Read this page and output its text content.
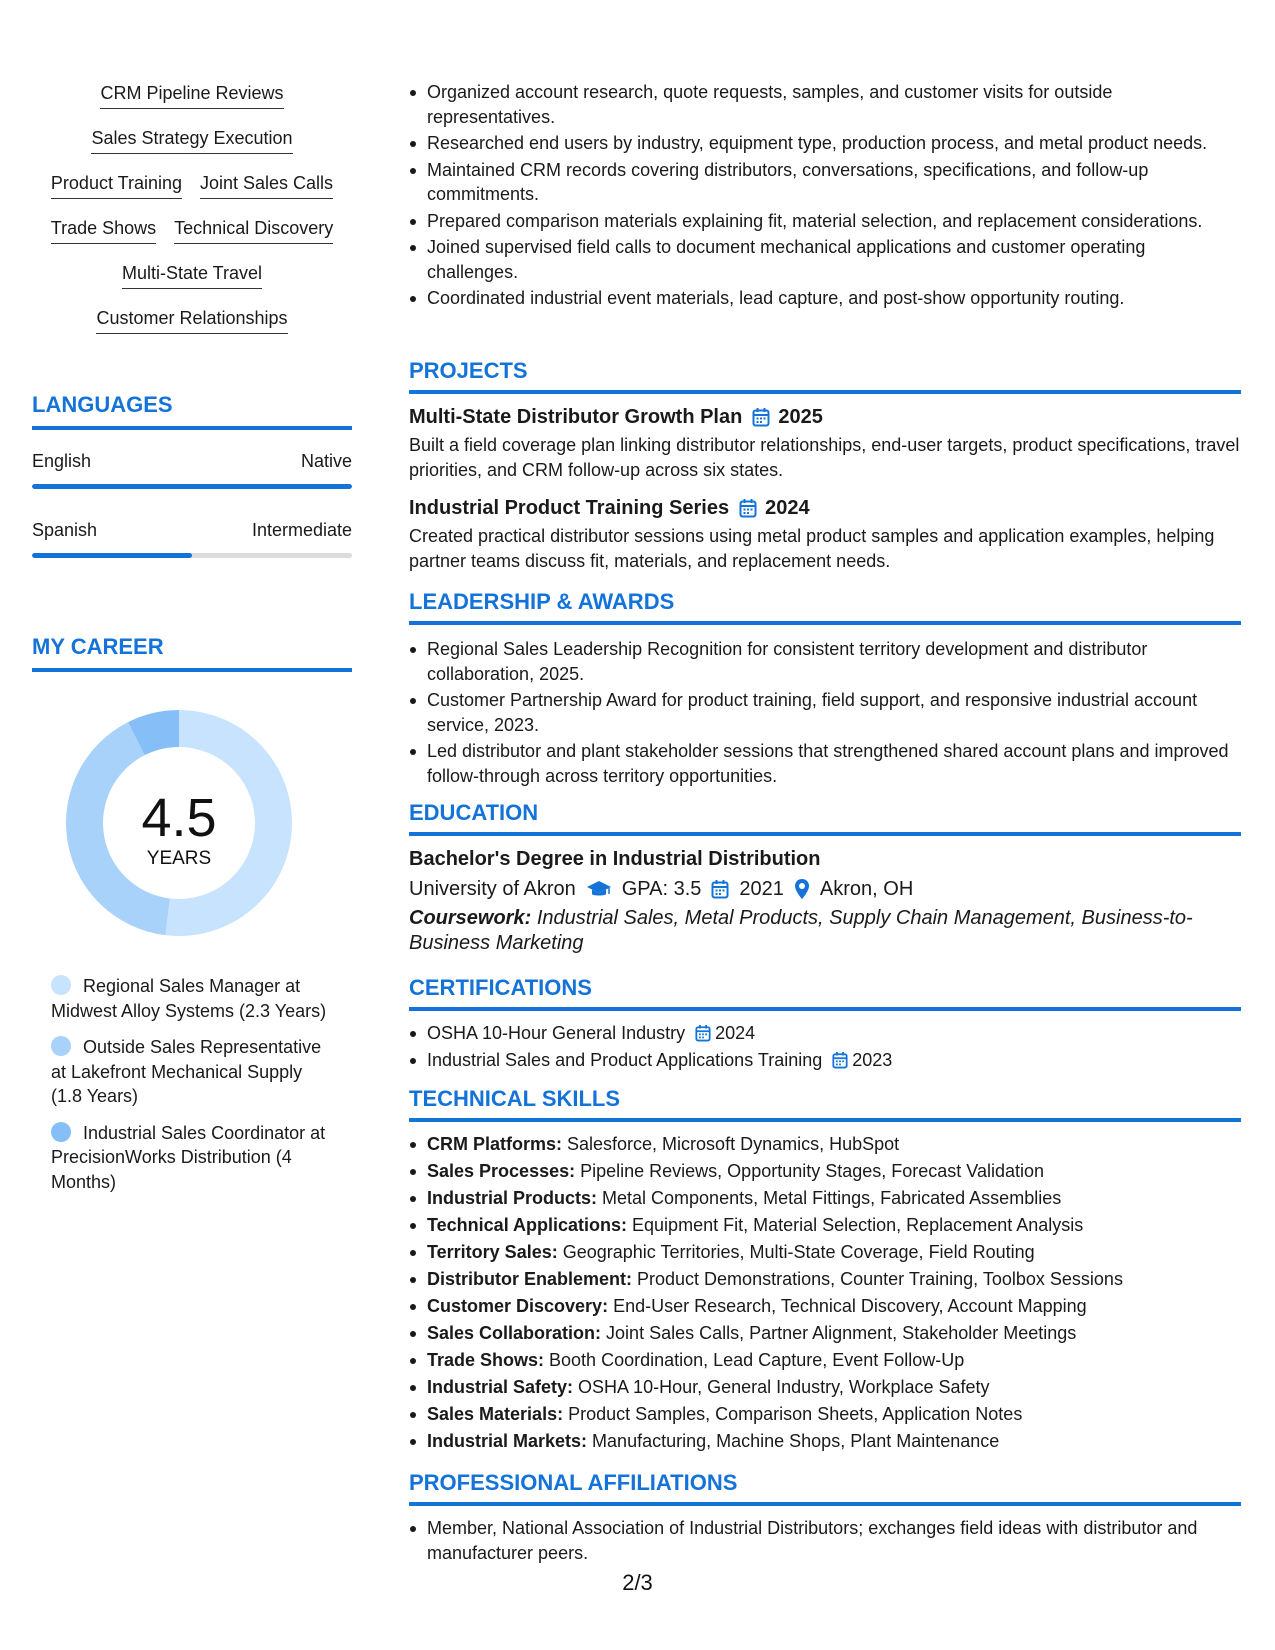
CRM Pipeline Reviews
Sales Strategy Execution
Product Training Joint Sales Calls
Trade Shows Technical Discovery
Multi-State Travel
Customer Relationships
LANGUAGES
English	Native
Spanish	Intermediate
MY CAREER
4.5
YEARS
Regional Sales Manager at Midwest Alloy Systems (2.3 Years)
Outside Sales Representative at Lakefront Mechanical Supply (1.8 Years)
Industrial Sales Coordinator at PrecisionWorks Distribution (4 Months)
Organized account research, quote requests, samples, and customer visits for outside representatives.
Researched end users by industry, equipment type, production process, and metal product needs.
Maintained CRM records covering distributors, conversations, specifications, and follow-up commitments.
Prepared comparison materials explaining fit, material selection, and replacement considerations.
Joined supervised field calls to document mechanical applications and customer operating challenges.
Coordinated industrial event materials, lead capture, and post-show opportunity routing.
PROJECTS
Multi-State Distributor Growth Plan 2025
Built a field coverage plan linking distributor relationships, end-user targets, product specifications, travel priorities, and CRM follow-up across six states.
Industrial Product Training Series 2024
Created practical distributor sessions using metal product samples and application examples, helping partner teams discuss fit, materials, and replacement needs.
LEADERSHIP & AWARDS
Regional Sales Leadership Recognition for consistent territory development and distributor collaboration, 2025.
Customer Partnership Award for product training, field support, and responsive industrial account service, 2023.
Led distributor and plant stakeholder sessions that strengthened shared account plans and improved follow-through across territory opportunities.
EDUCATION
Bachelor's Degree in Industrial Distribution
University of Akron GPA: 3.5 2021 Akron, OH
Coursework: Industrial Sales, Metal Products, Supply Chain Management, Business-to-Business Marketing
CERTIFICATIONS
OSHA 10-Hour General Industry 2024
Industrial Sales and Product Applications Training 2023
TECHNICAL SKILLS
CRM Platforms: Salesforce, Microsoft Dynamics, HubSpot
Sales Processes: Pipeline Reviews, Opportunity Stages, Forecast Validation
Industrial Products: Metal Components, Metal Fittings, Fabricated Assemblies
Technical Applications: Equipment Fit, Material Selection, Replacement Analysis
Territory Sales: Geographic Territories, Multi-State Coverage, Field Routing
Distributor Enablement: Product Demonstrations, Counter Training, Toolbox Sessions
Customer Discovery: End-User Research, Technical Discovery, Account Mapping
Sales Collaboration: Joint Sales Calls, Partner Alignment, Stakeholder Meetings
Trade Shows: Booth Coordination, Lead Capture, Event Follow-Up
Industrial Safety: OSHA 10-Hour, General Industry, Workplace Safety
Sales Materials: Product Samples, Comparison Sheets, Application Notes
Industrial Markets: Manufacturing, Machine Shops, Plant Maintenance
PROFESSIONAL AFFILIATIONS
Member, National Association of Industrial Distributors; exchanges field ideas with distributor and manufacturer peers.
2/3
